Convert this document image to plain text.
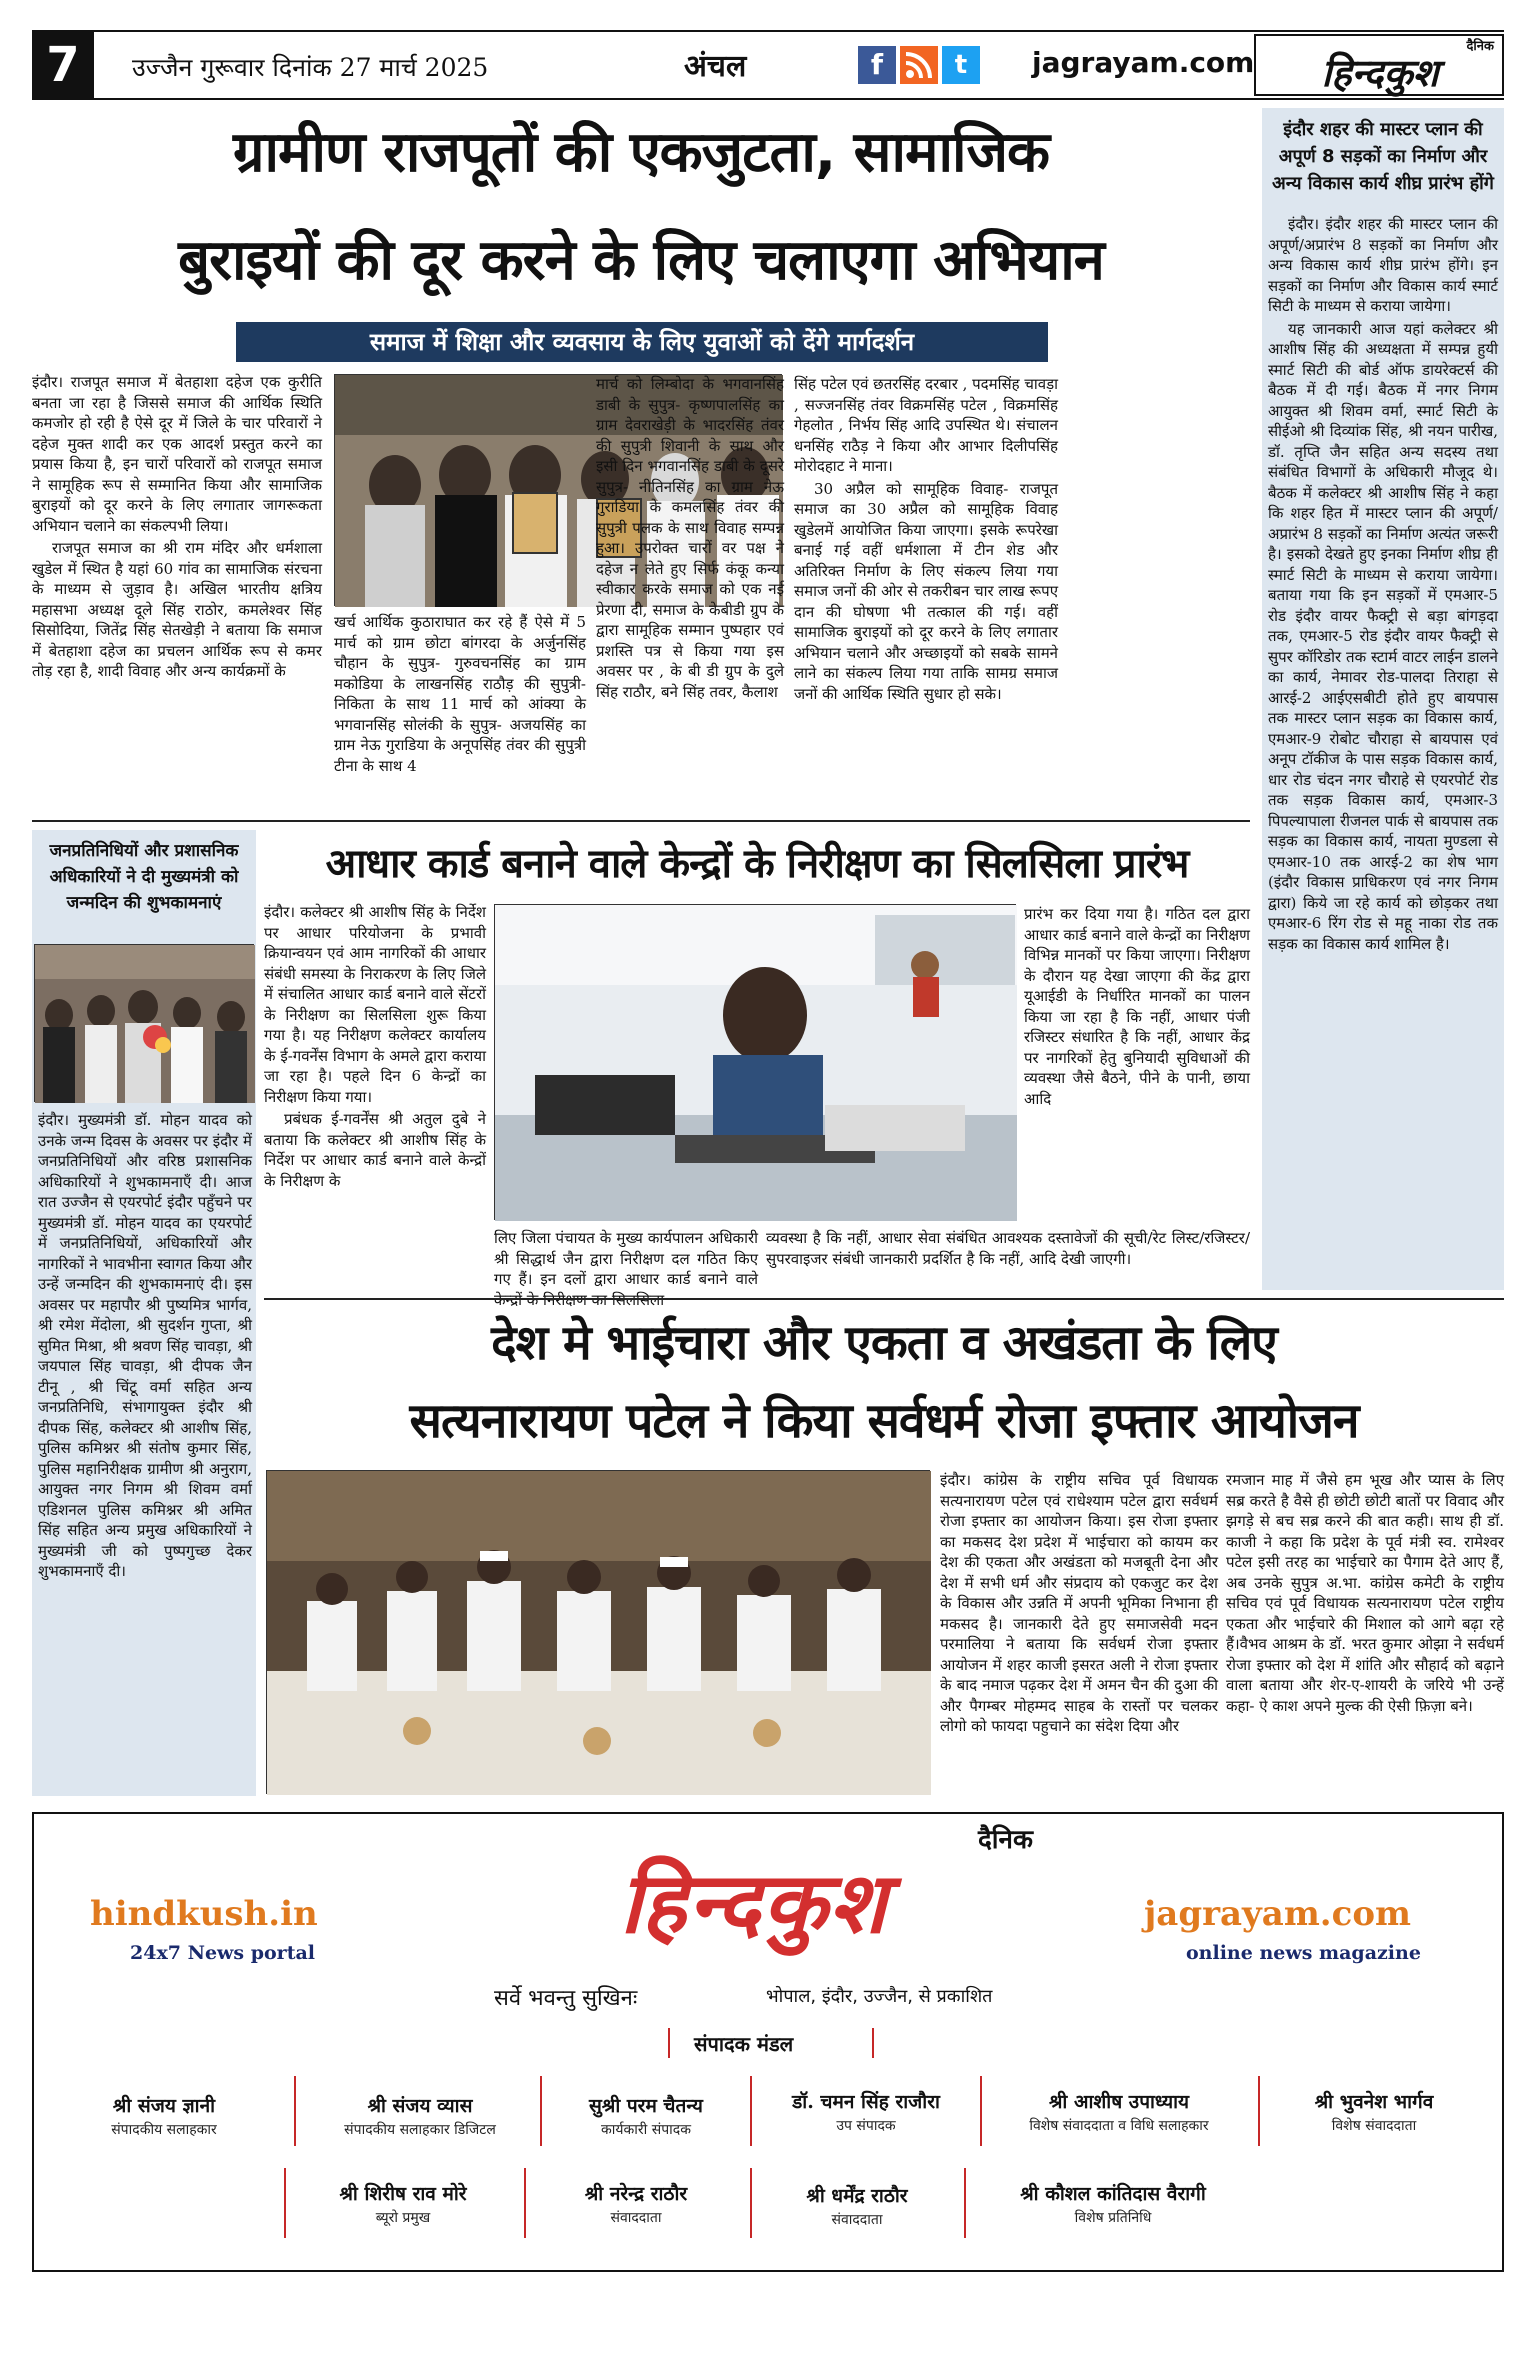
7	उज्जैन गुरूवार दिनांक 27 मार्च 2025	अंचल	f	t	jagrayam.com	दैनिक
हिन्दकुश
ग्रामीण राजपूतों की एकजुटता, सामाजिक
बुराइयों की दूर करने के लिए चलाएगा अभियान
समाज में शिक्षा और व्यवसाय के लिए युवाओं को देंगे मार्गदर्शन

इंदौर। राजपूत समाज में बेतहाशा दहेज एक कुरीति बनता जा रहा है जिससे समाज की आर्थिक स्थिति कमजोर हो रही है ऐसे दूर में जिले के चार परिवारों ने दहेज मुक्त शादी कर एक आदर्श प्रस्तुत करने का प्रयास किया है, इन चारों परिवारों को राजपूत समाज ने सामूहिक रूप से सम्मानित किया और सामाजिक बुराइयों को दूर करने के लिए लगातार जागरूकता अभियान चलाने का संकल्पभी लिया।

राजपूत समाज का श्री राम मंदिर और धर्मशाला खुडेल में स्थित है यहां 60 गांव का सामाजिक संरचना के माध्यम से जुड़ाव है। अखिल भारतीय क्षत्रिय महासभा अध्यक्ष दूले सिंह राठोर, कमलेश्वर सिंह सिसोदिया, जितेंद्र सिंह सेतखेड़ी ने बताया कि समाज में बेतहाशा दहेज का प्रचलन आर्थिक रूप से कमर तोड़ रहा है, शादी विवाह और अन्य कार्यक्रमों के

खर्च आर्थिक कुठाराघात कर रहे हैं ऐसे में 5 मार्च को ग्राम छोटा बांगरदा के अर्जुनसिंह चौहान के सुपुत्र- गुरुवचनसिंह का ग्राम मकोडिया के लाखनसिंह राठौड़ की सुपुत्री- निकिता के साथ 11 मार्च को आंक्या के भगवानसिंह सोलंकी के सुपुत्र- अजयसिंह का ग्राम नेऊ गुराडिया के अनूपसिंह तंवर की सुपुत्री टीना के साथ 4

मार्च को लिम्बोदा के भगवानसिंह डाबी के सुपुत्र- कृष्णपालसिंह का ग्राम देवराखेड़ी के भादरसिंह तंवर की सुपुत्री शिवानी के साथ और इसी दिन भगवानसिंह डाबी के दूसरे सुपुत्र- नीतिनसिंह का ग्राम नेऊ गुराडिया के कमलसिंह तंवर की सुपुत्री पलक के साथ विवाह सम्पन्न हुआ। उपरोक्त चारों वर पक्ष ने दहेज न लेते हुए सिर्फ कंकू कन्या स्वीकार करके समाज को एक नई प्रेरणा दी, समाज के केबीडी ग्रुप के द्वारा सामूहिक सम्मान पुष्पहार एवं प्रशस्ति पत्र से किया गया इस अवसर पर , के बी डी ग्रुप के दुले सिंह राठौर, बने सिंह तवर, कैलाश

सिंह पटेल एवं छतरसिंह दरबार , पदमसिंह चावड़ा , सज्जनसिंह तंवर विक्रमसिंह पटेल , विक्रमसिंह गेहलोत , निर्भय सिंह आदि उपस्थित थे। संचालन धनसिंह राठैड़ ने किया और आभार दिलीपसिंह मोरोदहाट ने माना।

30 अप्रैल को सामूहिक विवाह- राजपूत समाज का 30 अप्रैल को सामूहिक विवाह खुडेलमें आयोजित किया जाएगा। इसके रूपरेखा बनाई गई वहीं धर्मशाला में टीन शेड और अतिरिक्त निर्माण के लिए संकल्प लिया गया समाज जनों की ओर से तकरीबन चार लाख रूपए दान की घोषणा भी तत्काल की गई। वहीं सामाजिक बुराइयों को दूर करने के लिए लगातार अभियान चलाने और अच्छाइयों को सबके सामने लाने का संकल्प लिया गया ताकि सामग्र समाज जनों की आर्थिक स्थिति सुधार हो सके।

इंदौर शहर की मास्टर प्लान की अपूर्ण 8 सड़कों का निर्माण और अन्य विकास कार्य शीघ्र प्रारंभ होंगे

इंदौर। इंदौर शहर की मास्टर प्लान की अपूर्ण/अप्रारंभ 8 सड़कों का निर्माण और अन्य विकास कार्य शीघ्र प्रारंभ होंगे। इन सड़कों का निर्माण और विकास कार्य स्मार्ट सिटी के माध्यम से कराया जायेगा।

यह जानकारी आज यहां कलेक्टर श्री आशीष सिंह की अध्यक्षता में सम्पन्न हुयी स्मार्ट सिटी की बोर्ड ऑफ डायरेक्टर्स की बैठक में दी गई। बैठक में नगर निगम आयुक्त श्री शिवम वर्मा, स्मार्ट सिटी के सीईओ श्री दिव्यांक सिंह, श्री नयन पारीख, डॉ. तृप्ति जैन सहित अन्य सदस्य तथा संबंधित विभागों के अधिकारी मौजूद थे। बैठक में कलेक्टर श्री आशीष सिंह ने कहा कि शहर हित में मास्टर प्लान की अपूर्ण/अप्रारंभ 8 सड़कों का निर्माण अत्यंत जरूरी है। इसको देखते हुए इनका निर्माण शीघ्र ही स्मार्ट सिटी के माध्यम से कराया जायेगा। बताया गया कि इन सड़कों में एमआर-5 रोड इंदौर वायर फैक्ट्री से बड़ा बांगड़दा तक, एमआर-5 रोड इंदौर वायर फैक्ट्री से सुपर कॉरिडोर तक स्टार्म वाटर लाईन डालने का कार्य, नेमावर रोड-पालदा तिराहा से आरई-2 आईएसबीटी होते हुए बायपास तक मास्टर प्लान सड़क का विकास कार्य, एमआर-9 रोबोट चौराहा से बायपास एवं अनूप टॉकीज के पास सड़क विकास कार्य, धार रोड चंदन नगर चौराहे से एयरपोर्ट रोड तक सड़क विकास कार्य, एमआर-3 पिपल्यापाला रीजनल पार्क से बायपास तक सड़क का विकास कार्य, नायता मुण्डला से एमआर-10 तक आरई-2 का शेष भाग (इंदौर विकास प्राधिकरण एवं नगर निगम द्वारा) किये जा रहे कार्य को छोड़कर तथा एमआर-6 रिंग रोड से महू नाका रोड तक सड़क का विकास कार्य शामिल है।

जनप्रतिनिधियों और प्रशासनिक अधिकारियों ने दी मुख्यमंत्री को जन्मदिन की शुभकामनाएं

इंदौर। मुख्यमंत्री डॉ. मोहन यादव को उनके जन्म दिवस के अवसर पर इंदौर में जनप्रतिनिधियों और वरिष्ठ प्रशासनिक अधिकारियों ने शुभकामनाएँ दी। आज रात उज्जैन से एयरपोर्ट इंदौर पहुँचने पर मुख्यमंत्री डॉ. मोहन यादव का एयरपोर्ट में जनप्रतिनिधियों, अधिकारियों और नागरिकों ने भावभीना स्वागत किया और उन्हें जन्मदिन की शुभकामनाएं दी। इस अवसर पर महापौर श्री पुष्यमित्र भार्गव, श्री रमेश मेंदोला, श्री सुदर्शन गुप्ता, श्री सुमित मिश्रा, श्री श्रवण सिंह चावड़ा, श्री जयपाल सिंह चावड़ा, श्री दीपक जैन टीनू , श्री चिंटू वर्मा सहित अन्य जनप्रतिनिधि, संभागायुक्त इंदौर श्री दीपक सिंह, कलेक्टर श्री आशीष सिंह, पुलिस कमिश्नर श्री संतोष कुमार सिंह, पुलिस महानिरीक्षक ग्रामीण श्री अनुराग, आयुक्त नगर निगम श्री शिवम वर्मा एडिशनल पुलिस कमिश्नर श्री अमित सिंह सहित अन्य प्रमुख अधिकारियों ने मुख्यमंत्री जी को पुष्पगुच्छ देकर शुभकामनाएँ दी।

आधार कार्ड बनाने वाले केन्द्रों के निरीक्षण का सिलसिला प्रारंभ

इंदौर। कलेक्टर श्री आशीष सिंह के निर्देश पर आधार परियोजना के प्रभावी क्रियान्वयन एवं आम नागरिकों की आधार संबंधी समस्या के निराकरण के लिए जिले में संचालित आधार कार्ड बनाने वाले सेंटरों के निरीक्षण का सिलसिला शुरू किया गया है। यह निरीक्षण कलेक्टर कार्यालय के ई-गवर्नेंस विभाग के अमले द्वारा कराया जा रहा है। पहले दिन 6 केन्द्रों का निरीक्षण किया गया।

प्रबंधक ई-गवर्नेंस श्री अतुल दुबे ने बताया कि कलेक्टर श्री आशीष सिंह के निर्देश पर आधार कार्ड बनाने वाले केन्द्रों के निरीक्षण के

लिए जिला पंचायत के मुख्य कार्यपालन अधिकारी श्री सिद्धार्थ जैन द्वारा निरीक्षण दल गठित किए गए हैं। इन दलों द्वारा आधार कार्ड बनाने वाले

प्रारंभ कर दिया गया है। गठित दल द्वारा आधार कार्ड बनाने वाले केन्द्रों का निरीक्षण विभिन्न मानकों पर किया जाएगा। निरीक्षण के दौरान यह देखा जाएगा की केंद्र द्वारा यूआईडी के निर्धारित मानकों का पालन किया जा रहा है कि नहीं, आधार पंजी रजिस्टर संधारित है कि नहीं, आधार केंद्र पर नागरिकों हेतु बुनियादी सुविधाओं की व्यवस्था जैसे बैठने, पीने के पानी, छाया आदि

व्यवस्था है कि नहीं, आधार सेवा संबंधित आवश्यक दस्तावेजों की सूची/रेट लिस्ट/रजिस्टर/सुपरवाइजर संबंधी जानकारी प्रदर्शित है कि नहीं, आदि देखी जाएगी।

देश मे भाईचारा और एकता व अखंडता के लिए
सत्यनारायण पटेल ने किया सर्वधर्म रोजा इफ्तार आयोजन

इंदौर। कांग्रेस के राष्ट्रीय सचिव पूर्व विधायक सत्यनारायण पटेल एवं राधेश्याम पटेल द्वारा सर्वधर्म रोजा इफ्तार का आयोजन किया। इस रोजा इफ्तार का मकसद देश प्रदेश में भाईचारा को कायम कर देश की एकता और अखंडता को मजबूती देना और देश में सभी धर्म और संप्रदाय को एकजुट कर देश के विकास और उन्नति में अपनी भूमिका निभाना ही मकसद है। जानकारी देते हुए समाजसेवी मदन परमालिया ने बताया कि सर्वधर्म रोजा इफ्तार आयोजन में शहर काजी इसरत अली ने रोजा इफ्तार के बाद नमाज पढ़कर देश में अमन चैन की दुआ की और पैगम्बर मोहम्मद साहब के रास्तों पर चलकर लोगो को फायदा पहुचाने का संदेश दिया और

रमजान माह में जैसे हम भूख और प्यास के लिए सब्र करते है वैसे ही छोटी छोटी बातों पर विवाद और झगड़े से बच सब्र करने की बात कही। साथ ही डॉ. काजी ने कहा कि प्रदेश के पूर्व मंत्री स्व. रामेश्वर पटेल इसी तरह का भाईचारे का पैगाम देते आए हैं, अब उनके सुपुत्र अ.भा. कांग्रेस कमेटी के राष्ट्रीय सचिव एवं पूर्व विधायक सत्यनारायण पटेल राष्ट्रीय एकता और भाईचारे की मिशाल को आगे बढ़ा रहे हैं।वैभव आश्रम के डॉ. भरत कुमार ओझा ने सर्वधर्म रोजा इफ्तार को देश में शांति और सौहार्द को बढ़ाने वाला बताया और शेर-ए-शायरी के जरिये भी उन्हें कहा- ऐ काश अपने मुल्क की ऐसी फ़िज़ा बने।

दैनिक
हिन्दकुश
hindkush.in
24x7 News portal
jagrayam.com
online news magazine
सर्वे भवन्तु सुखिनः	भोपाल, इंदौर, उज्जैन, से प्रकाशित
संपादक मंडल
श्री संजय ज्ञानी
संपादकीय सलाहकार
श्री संजय व्यास
संपादकीय सलाहकार डिजिटल
सुश्री परम चैतन्य
कार्यकारी संपादक
डॉ. चमन सिंह राजौरा
उप संपादक
श्री आशीष उपाध्याय
विशेष संवाददाता व विधि सलाहकार
श्री भुवनेश भार्गव
विशेष संवाददाता
श्री शिरीष राव मोरे
ब्यूरो प्रमुख
श्री नरेन्द्र राठौर
संवाददाता
श्री धर्मेंद्र राठौर
संवाददाता
श्री कौशल कांतिदास वैरागी
विशेष प्रतिनिधि
